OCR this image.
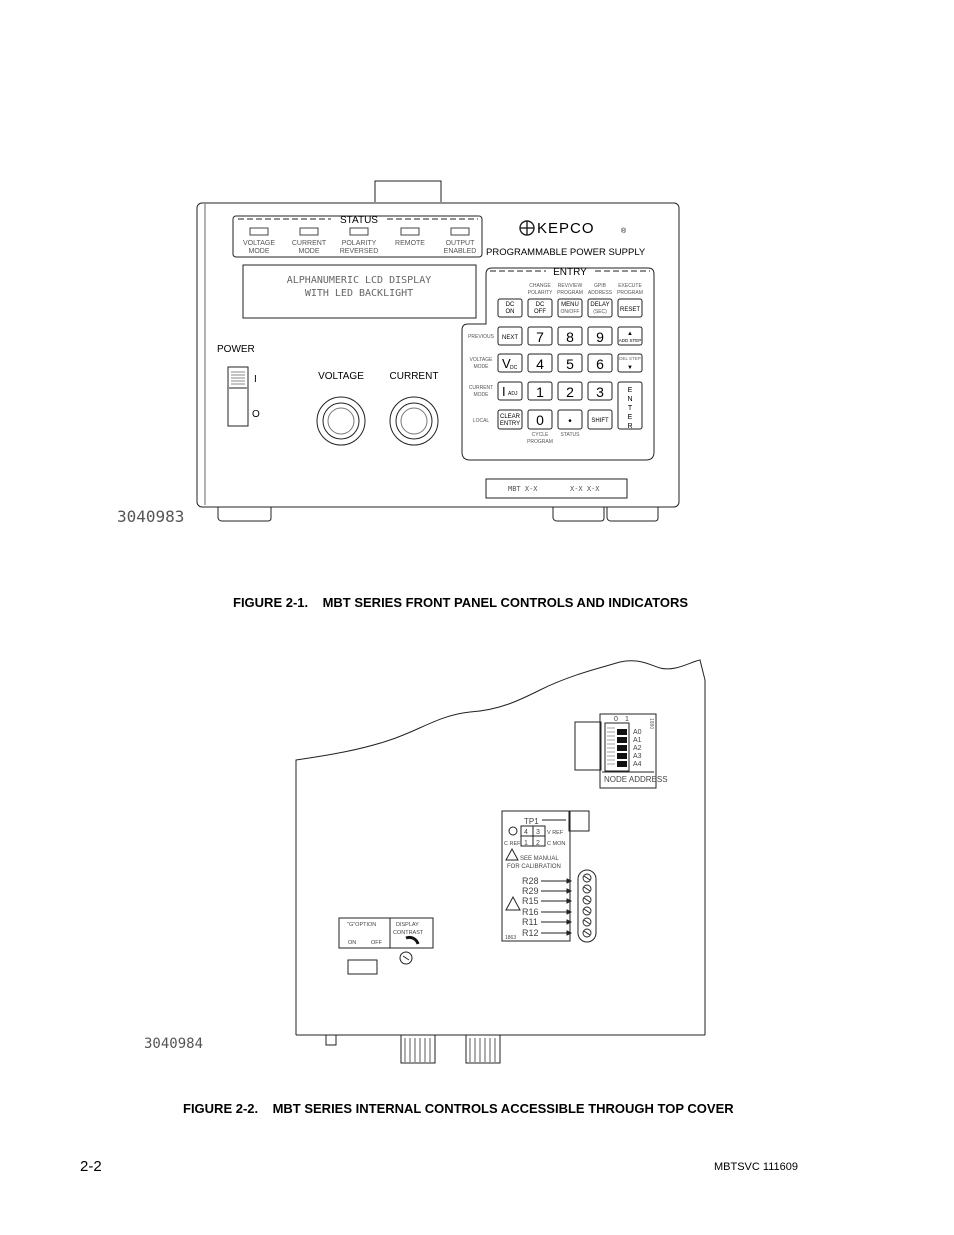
STATUS
VOLTAGE
MODE
CURRENT
MODE
POLARITY
REVERSED
REMOTE	OUTPUT
ENABLED
KEPCO	®
PROGRAMMABLE POWER SUPPLY
ALPHANUMERIC LCD DISPLAY
WITH LED BACKLIGHT
ENTRY
CHANGE
POLARITY
REV/VIEW
PROGRAM
GPIB
ADDRESS
EXECUTE
PROGRAM
PREVIOUS
VOLTAGE
MODE
CURRENT
MODE
LOCAL
DC
ON
DC
OFF
MENU
ON/OFF
DELAY
(SEC) RESET
NEXT
CLEAR
ENTRY	SHIFT
ADD STEP
DEL STEP
▲
▼
E
N
T
E
R
7 8 9
4 5 6
1 2 3
0 •
V DC
I ADJ
CYCLE
PROGRAM
STATUS
POWER
I
O
VOLTAGE	CURRENT
MBT X-X	X-X X-X
3040983
FIGURE 2-1.    MBT SERIES FRONT PANEL CONTROLS AND INDICATORS
0 1
A0
A1
A2
A3
A4
NODE ADDRESS
1880
TP1
4 3
1 2
V REF
C REF	C MON
SEE MANUAL
FOR CALIBRATION
R28
R29
R15
R16
R11
R12
1863
"G"OPTION
ON	OFF
DISPLAY
CONTRAST
3040984
FIGURE 2-2.    MBT SERIES INTERNAL CONTROLS ACCESSIBLE THROUGH TOP COVER
2-2	MBTSVC 111609
